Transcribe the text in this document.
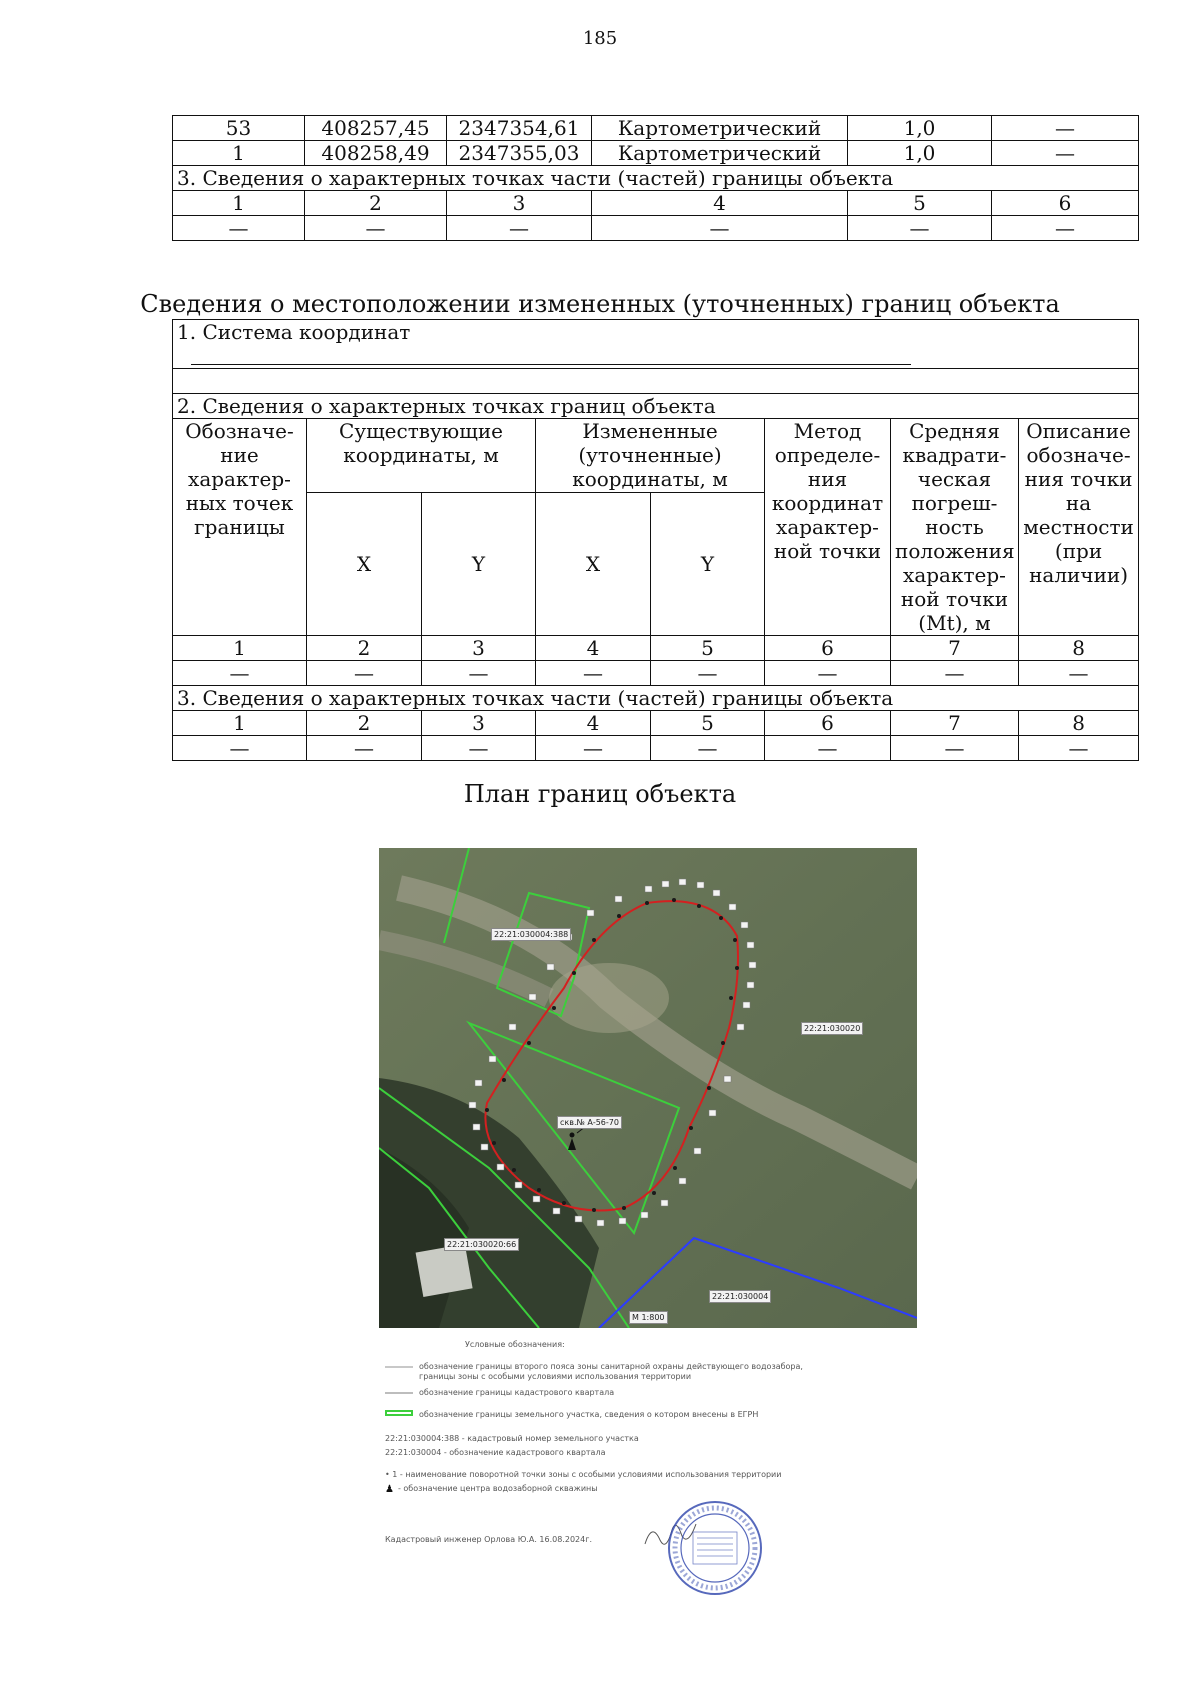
185
53	408257,45	2347354,61	Картометрический	1,0	—
1	408258,49	2347355,03	Картометрический	1,0	—
3. Сведения о характерных точках части (частей) границы объекта					
1	2	3	4	5	6
—	—	—	—	—	—
Сведения о местоположении измененных (уточненных) границ объекта
1. Система координат							

2. Сведения о характерных точках границ объекта							
Обозначе-ние характер-ных точек границы	Существующие координаты, м		Измененные (уточненные) координаты, м		Метод определе-ния координат характер-ной точки	Средняя квадрати-ческая погреш-ность положения характер-ной точки (Mt), м	Описание обозначе-ния точки на местности (при наличии)
	X	Y	X	Y			
1	2	3	4	5	6	7	8
—	—	—	—	—	—	—	—
3. Сведения о характерных точках части (частей) границы объекта							
1	2	3	4	5	6	7	8
—	—	—	—	—	—	—	—
План границ объекта
22:21:030004:388
22:21:030020
скв.№ А-56-70
22:21:030020:66
22:21:030004
М 1:800
Условные обозначения:
обозначение границы второго пояса зоны санитарной охраны действующего водозабора, границы зоны с особыми условиями использования территории
обозначение границы кадастрового квартала
обозначение границы земельного участка, сведения о котором внесены в ЕГРН
22:21:030004:388 - кадастровый номер земельного участка
22:21:030004 - обозначение кадастрового квартала
• 1 - наименование поворотной точки зоны с особыми условиями использования территории
♟ - обозначение центра водозаборной скважины
Кадастровый инженер Орлова Ю.А. 16.08.2024г.
